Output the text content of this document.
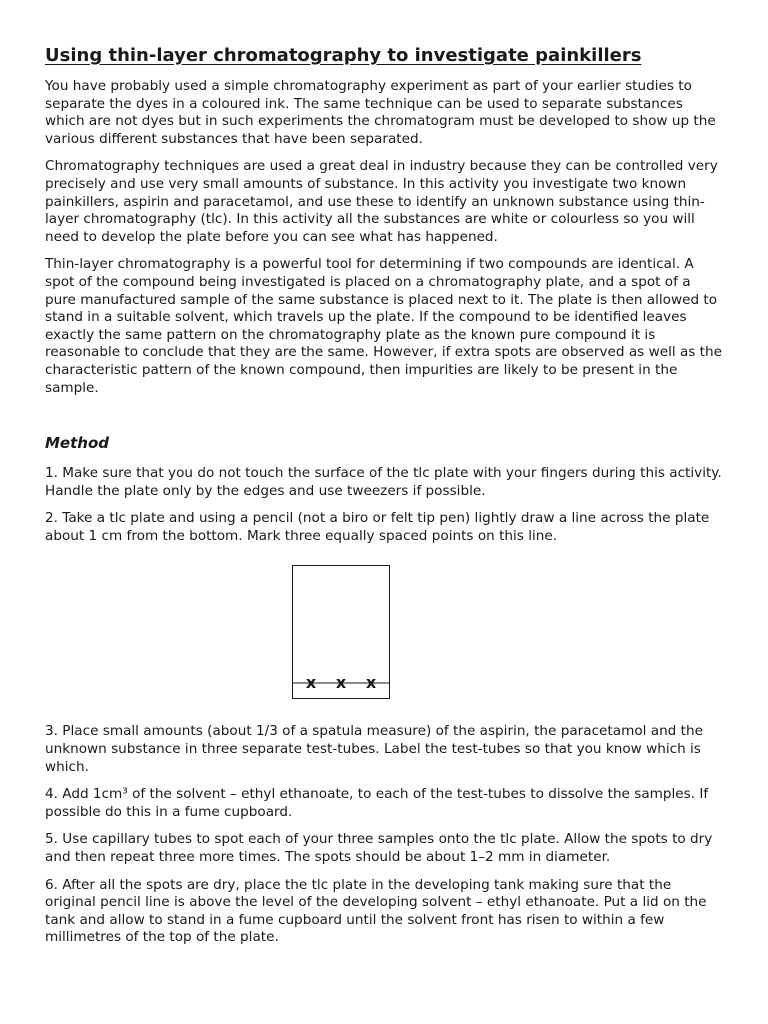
Using thin-layer chromatography to investigate painkillers

You have probably used a simple chromatography experiment as part of your earlier studies to separate the dyes in a coloured ink. The same technique can be used to separate substances which are not dyes but in such experiments the chromatogram must be developed to show up the various different substances that have been separated.

Chromatography techniques are used a great deal in industry because they can be controlled very precisely and use very small amounts of substance. In this activity you investigate two known painkillers, aspirin and paracetamol, and use these to identify an unknown substance using thin-layer chromatography (tlc). In this activity all the substances are white or colourless so you will need to develop the plate before you can see what has happened.

Thin-layer chromatography is a powerful tool for determining if two compounds are identical. A spot of the compound being investigated is placed on a chromatography plate, and a spot of a pure manufactured sample of the same substance is placed next to it. The plate is then allowed to stand in a suitable solvent, which travels up the plate. If the compound to be identified leaves exactly the same pattern on the chromatography plate as the known pure compound it is reasonable to conclude that they are the same. However, if extra spots are observed as well as the characteristic pattern of the known compound, then impurities are likely to be present in the sample.

Method

1. Make sure that you do not touch the surface of the tlc plate with your fingers during this activity. Handle the plate only by the edges and use tweezers if possible.

2. Take a tlc plate and using a pencil (not a biro or felt tip pen) lightly draw a line across the plate about 1 cm from the bottom. Mark three equally spaced points on this line.

x x x

3. Place small amounts (about 1/3 of a spatula measure) of the aspirin, the paracetamol and the unknown substance in three separate test-tubes. Label the test-tubes so that you know which is which.

4. Add 1cm³ of the solvent – ethyl ethanoate, to each of the test-tubes to dissolve the samples. If possible do this in a fume cupboard.

5. Use capillary tubes to spot each of your three samples onto the tlc plate. Allow the spots to dry and then repeat three more times. The spots should be about 1–2 mm in diameter.

6. After all the spots are dry, place the tlc plate in the developing tank making sure that the original pencil line is above the level of the developing solvent – ethyl ethanoate. Put a lid on the tank and allow to stand in a fume cupboard until the solvent front has risen to within a few millimetres of the top of the plate.
